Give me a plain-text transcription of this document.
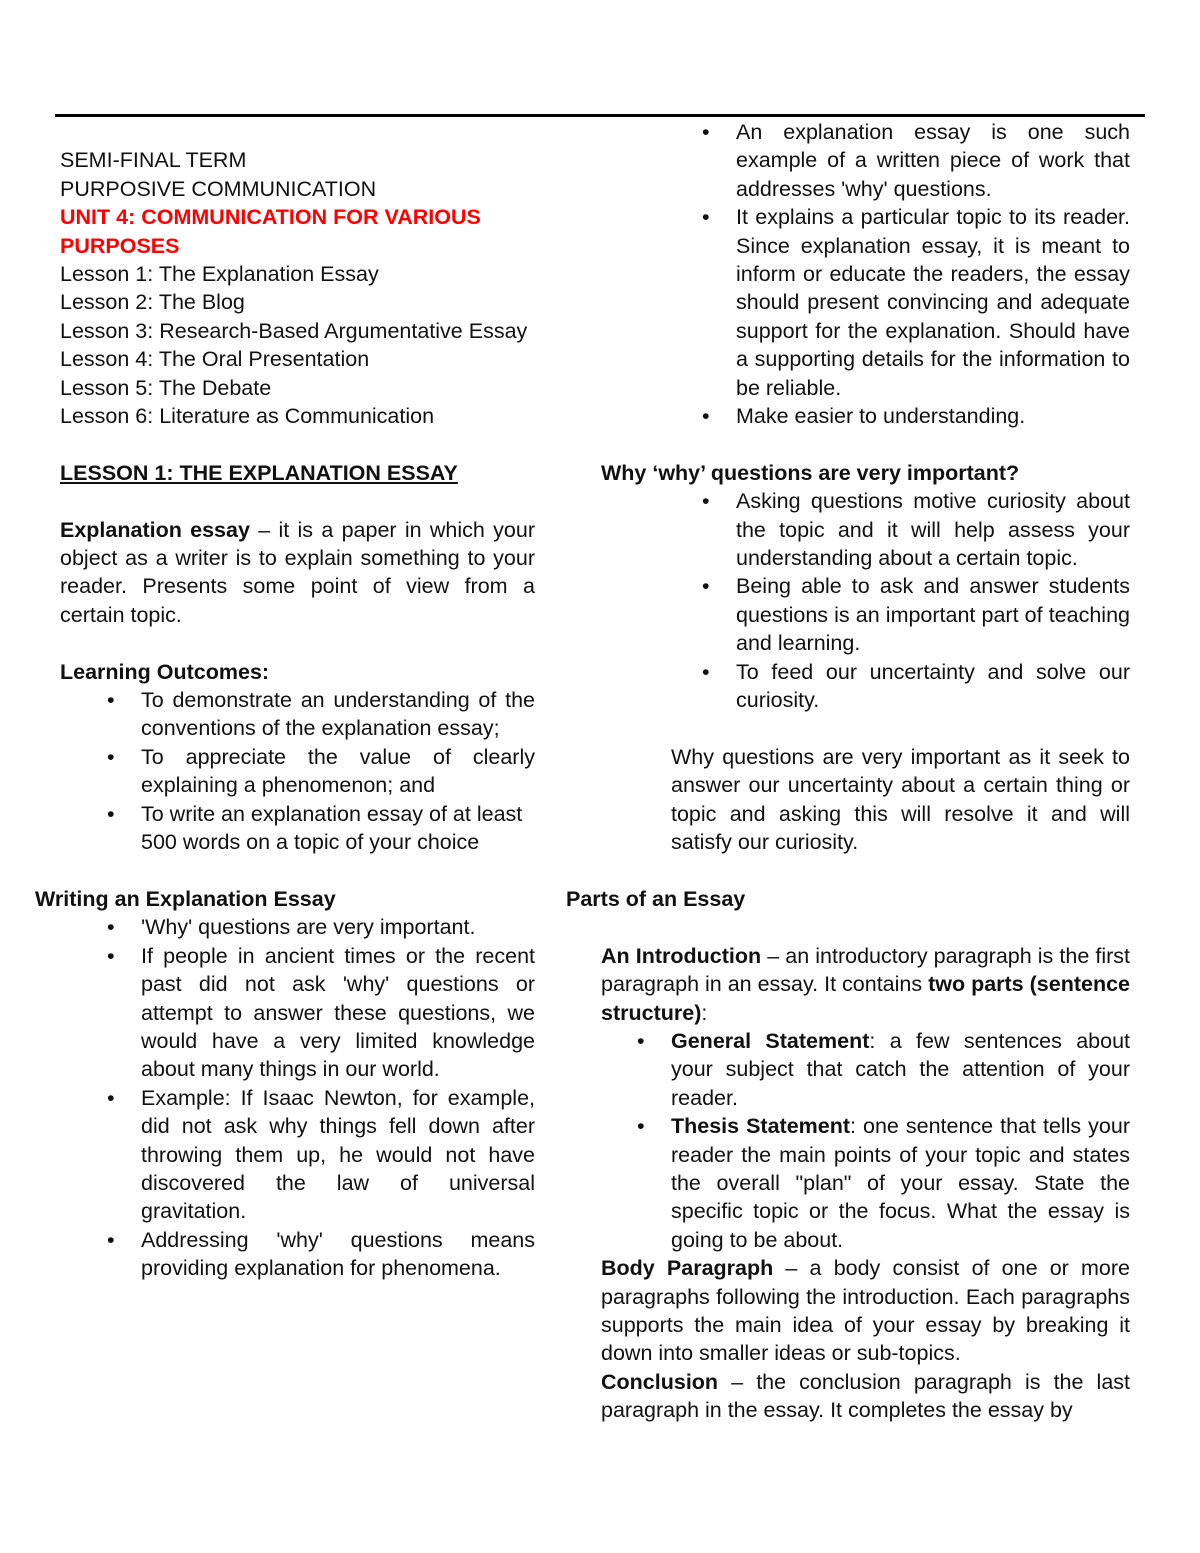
SEMI-FINAL TERM

PURPOSIVE COMMUNICATION

UNIT 4: COMMUNICATION FOR VARIOUS PURPOSES

Lesson 1: The Explanation Essay

Lesson 2: The Blog

Lesson 3: Research-Based Argumentative Essay

Lesson 4: The Oral Presentation

Lesson 5: The Debate

Lesson 6: Literature as Communication

LESSON 1: THE EXPLANATION ESSAY

Explanation essay – it is a paper in which your object as a writer is to explain something to your reader. Presents some point of view from a certain topic.

Learning Outcomes:

• To demonstrate an understanding of the conventions of the explanation essay;
• To appreciate the value of clearly explaining a phenomenon; and
• To write an explanation essay of at least
500 words on a topic of your choice

Writing an Explanation Essay

• 'Why' questions are very important.
• If people in ancient times or the recent past did not ask 'why' questions or attempt to answer these questions, we would have a very limited knowledge about many things in our world.
• Example: If Isaac Newton, for example, did not ask why things fell down after throwing them up, he would not have discovered the law of universal gravitation.
• Addressing 'why' questions means providing explanation for phenomena.
• An explanation essay is one such example of a written piece of work that addresses 'why' questions.
• It explains a particular topic to its reader. Since explanation essay, it is meant to inform or educate the readers, the essay should present convincing and adequate support for the explanation. Should have a supporting details for the information to be reliable.
• Make easier to understanding.

Why ‘why’ questions are very important?

• Asking questions motive curiosity about the topic and it will help assess your understanding about a certain topic.
• Being able to ask and answer students questions is an important part of teaching and learning.
• To feed our uncertainty and solve our curiosity.

Why questions are very important as it seek to answer our uncertainty about a certain thing or topic and asking this will resolve it and will satisfy our curiosity.

Parts of an Essay

An Introduction – an introductory paragraph is the first paragraph in an essay. It contains two parts (sentence structure):

• General Statement: a few sentences about your subject that catch the attention of your reader.
• Thesis Statement: one sentence that tells your reader the main points of your topic and states the overall "plan" of your essay. State the specific topic or the focus. What the essay is going to be about.

Body Paragraph – a body consist of one or more paragraphs following the introduction. Each paragraphs supports the main idea of your essay by breaking it down into smaller ideas or sub-topics.

Conclusion – the conclusion paragraph is the last paragraph in the essay. It completes the essay by
